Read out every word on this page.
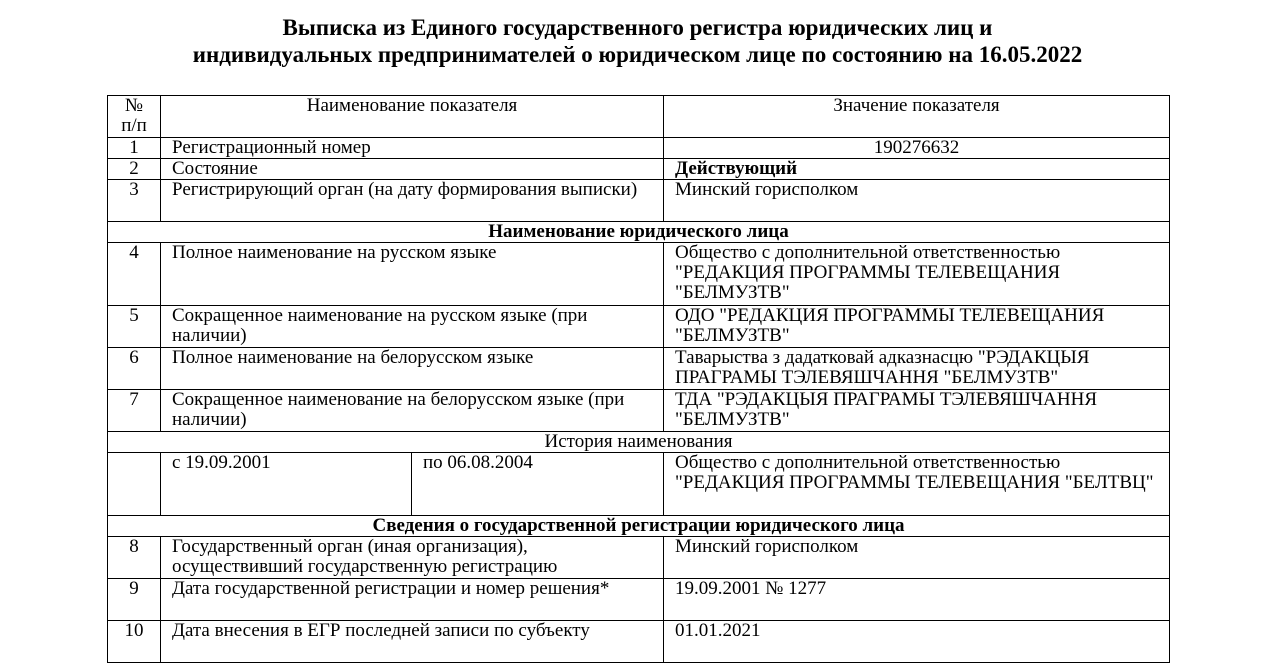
Выписка из Единого государственного регистра юридических лиц и
индивидуальных предпринимателей о юридическом лице по состоянию на 16.05.2022
№
п/п	Наименование показателя		Значение показателя
1	Регистрационный номер		190276632
2	Состояние		Действующий
3	Регистрирующий орган (на дату формирования выписки)		Минский горисполком
Наименование юридического лица			
4	Полное наименование на русском языке		Общество с дополнительной ответственностью "РЕДАКЦИЯ ПРОГРАММЫ ТЕЛЕВЕЩАНИЯ "БЕЛМУЗТВ"
5	Сокращенное наименование на русском языке (при наличии)		ОДО "РЕДАКЦИЯ ПРОГРАММЫ ТЕЛЕВЕЩАНИЯ "БЕЛМУЗТВ"
6	Полное наименование на белорусском языке		Таварыства з дадатковай адказнасцю "РЭДАКЦЫЯ ПРАГРАМЫ ТЭЛЕВЯШЧАННЯ "БЕЛМУЗТВ"
7	Сокращенное наименование на белорусском языке (при наличии)		ТДА "РЭДАКЦЫЯ ПРАГРАМЫ ТЭЛЕВЯШЧАННЯ "БЕЛМУЗТВ"
История наименования			
	с 19.09.2001	по 06.08.2004	Общество с дополнительной ответственностью "РЕДАКЦИЯ ПРОГРАММЫ ТЕЛЕВЕЩАНИЯ "БЕЛТВЦ"
Сведения о государственной регистрации юридического лица			
8	Государственный орган (иная организация), осуществивший государственную регистрацию		Минский горисполком
9	Дата государственной регистрации и номер решения*		19.09.2001 № 1277
10	Дата внесения в ЕГР последней записи по субъекту		01.01.2021
